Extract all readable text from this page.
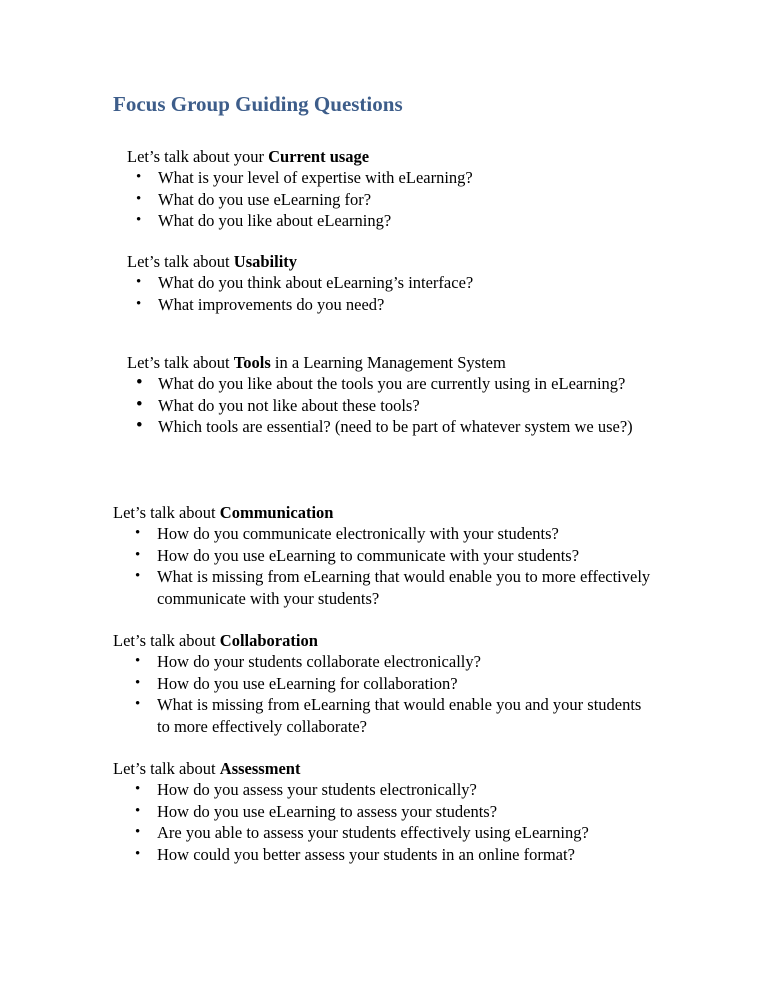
Focus Group Guiding Questions
Let’s talk about your Current usage
• What is your level of expertise with eLearning?
• What do you use eLearning for?
• What do you like about eLearning?
Let’s talk about Usability
• What do you think about eLearning’s interface?
• What improvements do you need?
Let’s talk about Tools in a Learning Management System
• What do you like about the tools you are currently using in eLearning?
• What do you not like about these tools?
• Which tools are essential? (need to be part of whatever system we use?)
Let’s talk about Communication
• How do you communicate electronically with your students?
• How do you use eLearning to communicate with your students?
• What is missing from eLearning that would enable you to more effectively communicate with your students?
Let’s talk about Collaboration
• How do your students collaborate electronically?
• How do you use eLearning for collaboration?
• What is missing from eLearning that would enable you and your students to more effectively collaborate?
Let’s talk about Assessment
• How do you assess your students electronically?
• How do you use eLearning to assess your students?
• Are you able to assess your students effectively using eLearning?
• How could you better assess your students in an online format?
